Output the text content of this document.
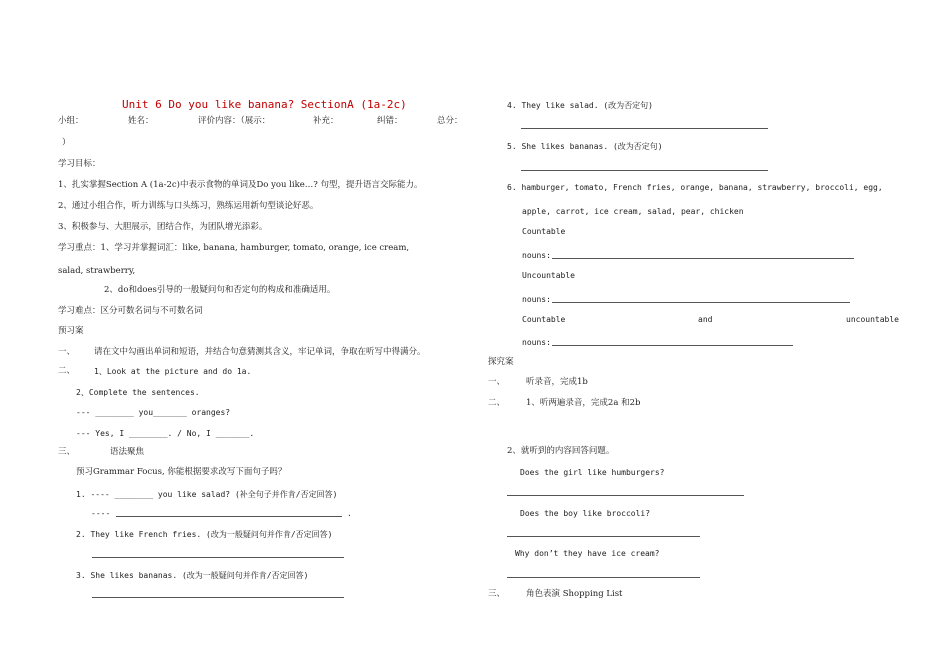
Unit 6 Do you like banana? SectionA (1a-2c)
小组：	姓名：	评价内容：（展示：	补充：	纠错：	总分：
）
学习目标：
1、扎实掌握Section A (1a-2c)中表示食物的单词及Do you like…? 句型，提升语言交际能力。
2、通过小组合作，听力训练与口头练习，熟练运用新句型谈论好恶。
3、积极参与、大胆展示，团结合作，为团队增光添彩。
学习重点：1、学习并掌握词汇：like, banana, hamburger, tomato, orange, ice cream,
salad, strawberry,
2、do和does引导的一般疑问句和否定句的构成和准确适用。
学习难点：区分可数名词与不可数名词
预习案
一、 请在文中勾画出单词和短语，并结合句意猜测其含义，牢记单词，争取在听写中得满分。
二、 1、Look at the picture and do 1a.
2、Complete the sentences.
--- ________ you_______ oranges?
--- Yes, I ________. / No, I _______.
三、	语法聚焦
预习Grammar Focus, 你能根据要求改写下面句子吗？
1. ---- ________ you like salad? (补全句子并作肯/否定回答)
----	.
2. They like French fries. (改为一般疑问句并作肯/否定回答)
3. She likes bananas. (改为一般疑问句并作肯/否定回答)
4. They like salad. (改为否定句)
5. She likes bananas. (改为否定句)
6. hamburger, tomato, French fries, orange, banana, strawberry, broccoli, egg,
apple, carrot, ice cream, salad, pear, chicken
Countable
nouns:
Uncountable
nouns:
Countable	and	uncountable
nouns:
探究案
一、 听录音，完成1b
二、 1、听两遍录音，完成2a 和2b
2、就听到的内容回答问题。
Does the girl like humburgers?
Does the boy like broccoli?
Why don’t they have ice cream?
三、 角色表演 Shopping List
